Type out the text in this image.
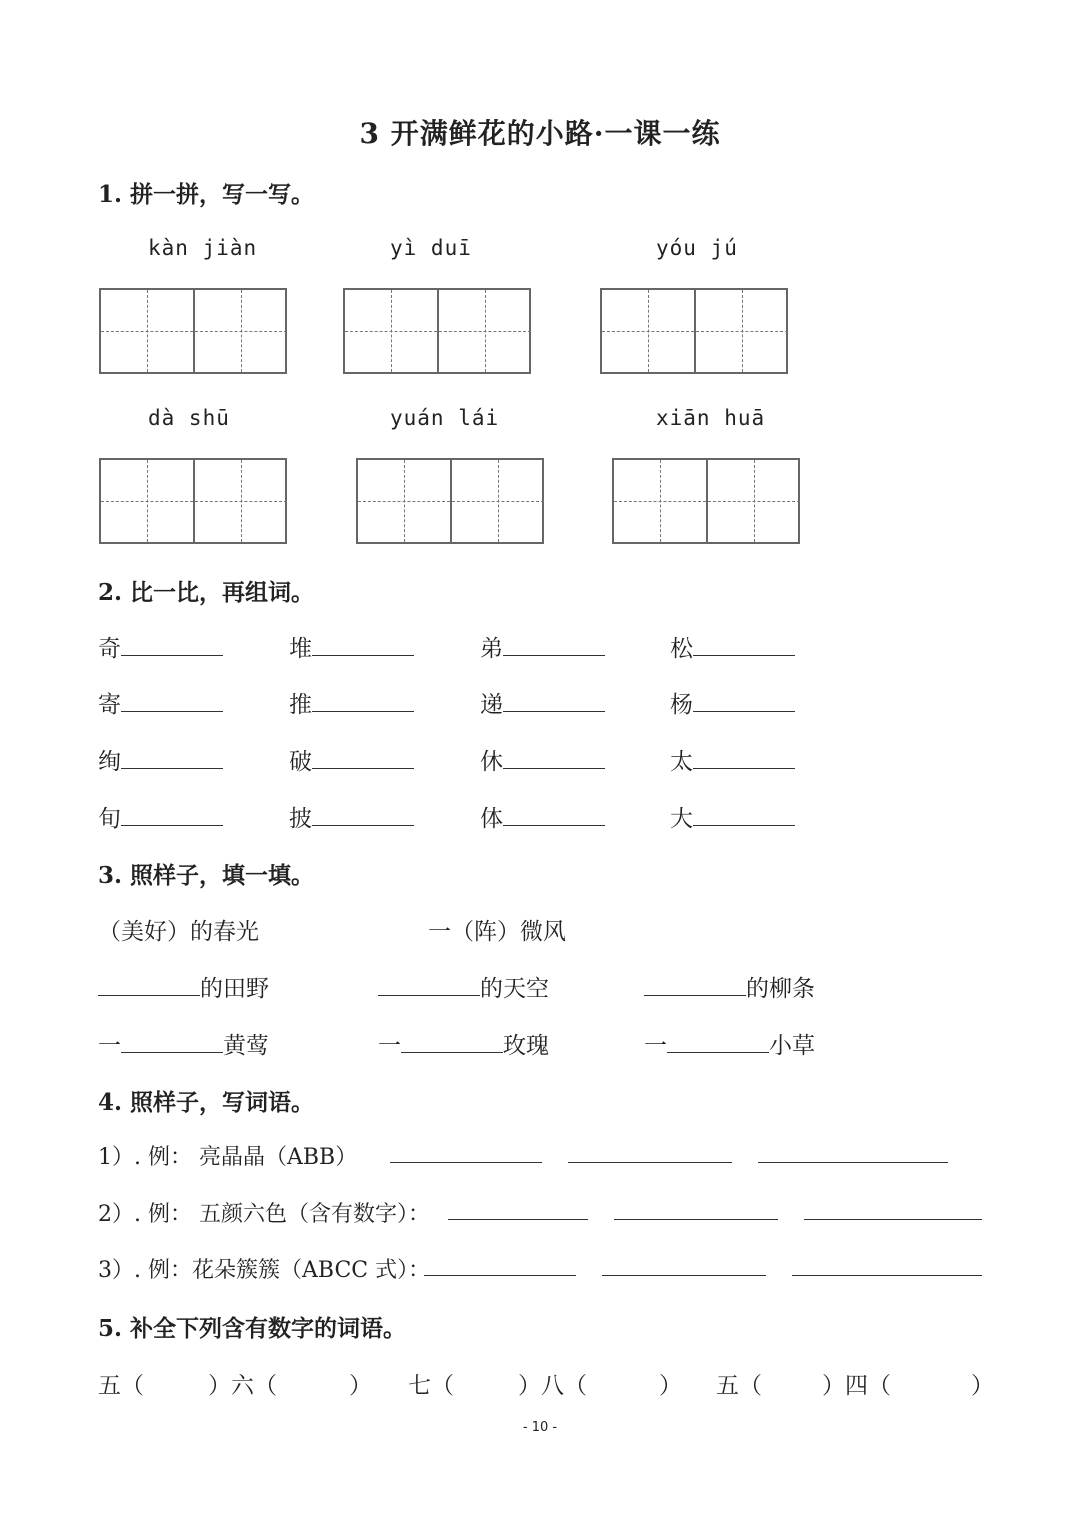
3 开满鲜花的小路·一课一练
1. 拼一拼，写一写。
kàn jiàn	yì duī	yóu jú
dà shū	yuán lái	xiān huā
2. 比一比，再组词。
奇	堆	弟	松
寄	推	递	杨
绚	破	休	太
旬	披	体	大
3. 照样子，填一填。
（美好）的春光	一（阵）微风
的田野	的天空	的柳条
一	黄莺	一	玫瑰	一	小草
4. 照样子，写词语。
1）. 例： 亮晶晶（ABB）
2）. 例： 五颜六色（含有数字）：
3）. 例：花朵簇簇（ABCC 式）：
5. 补全下列含有数字的词语。
五（	）六（	） 七（	）八（	） 五（	）四（	）
- 10 -
